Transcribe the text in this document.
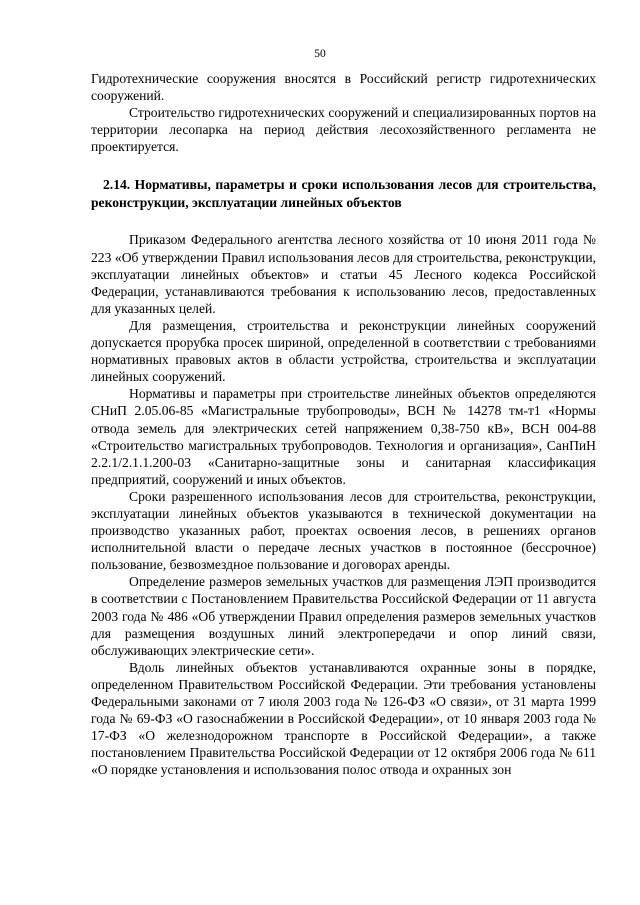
50

Гидротехнические сооружения вносятся в Российский регистр гидротехнических сооружений.

Строительство гидротехнических сооружений и специализированных портов на территории лесопарка на период действия лесохозяйственного регламента не проектируется.

2.14. Нормативы, параметры и сроки использования лесов для строительства, реконструкции, эксплуатации линейных объектов

Приказом Федерального агентства лесного хозяйства от 10 июня 2011 года № 223 «Об утверждении Правил использования лесов для строительства, реконструкции, эксплуатации линейных объектов» и статьи 45 Лесного кодекса Российской Федерации, устанавливаются требования к использованию лесов, предоставленных для указанных целей.

Для размещения, строительства и реконструкции линейных сооружений допускается прорубка просек шириной, определенной в соответствии с требованиями нормативных правовых актов в области устройства, строительства и эксплуатации линейных сооружений.

Нормативы и параметры при строительстве линейных объектов определяются СНиП 2.05.06-85 «Магистральные трубопроводы», ВСН № 14278 тм-т1 «Нормы отвода земель для электрических сетей напряжением 0,38-750 кВ», ВСН 004-88 «Строительство магистральных трубопроводов. Технология и организация», СанПиН 2.2.1/2.1.1.200-03 «Санитарно-защитные зоны и санитарная классификация предприятий, сооружений и иных объектов.

Сроки разрешенного использования лесов для строительства, реконструкции, эксплуатации линейных объектов указываются в технической документации на производство указанных работ, проектах освоения лесов, в решениях органов исполнительной власти о передаче лесных участков в постоянное (бессрочное) пользование, безвозмездное пользование и договорах аренды.

Определение размеров земельных участков для размещения ЛЭП производится в соответствии с Постановлением Правительства Российской Федерации от 11 августа 2003 года № 486 «Об утверждении Правил определения размеров земельных участков для размещения воздушных линий электропередачи и опор линий связи, обслуживающих электрические сети».

Вдоль линейных объектов устанавливаются охранные зоны в порядке, определенном Правительством Российской Федерации. Эти требования установлены Федеральными законами от 7 июля 2003 года № 126-ФЗ «О связи», от 31 марта 1999 года № 69-ФЗ «О газоснабжении в Российской Федерации», от 10 января 2003 года № 17-ФЗ «О железнодорожном транспорте в Российской Федерации», а также постановлением Правительства Российской Федерации от 12 октября 2006 года № 611 «О порядке установления и использования полос отвода и охранных зон
